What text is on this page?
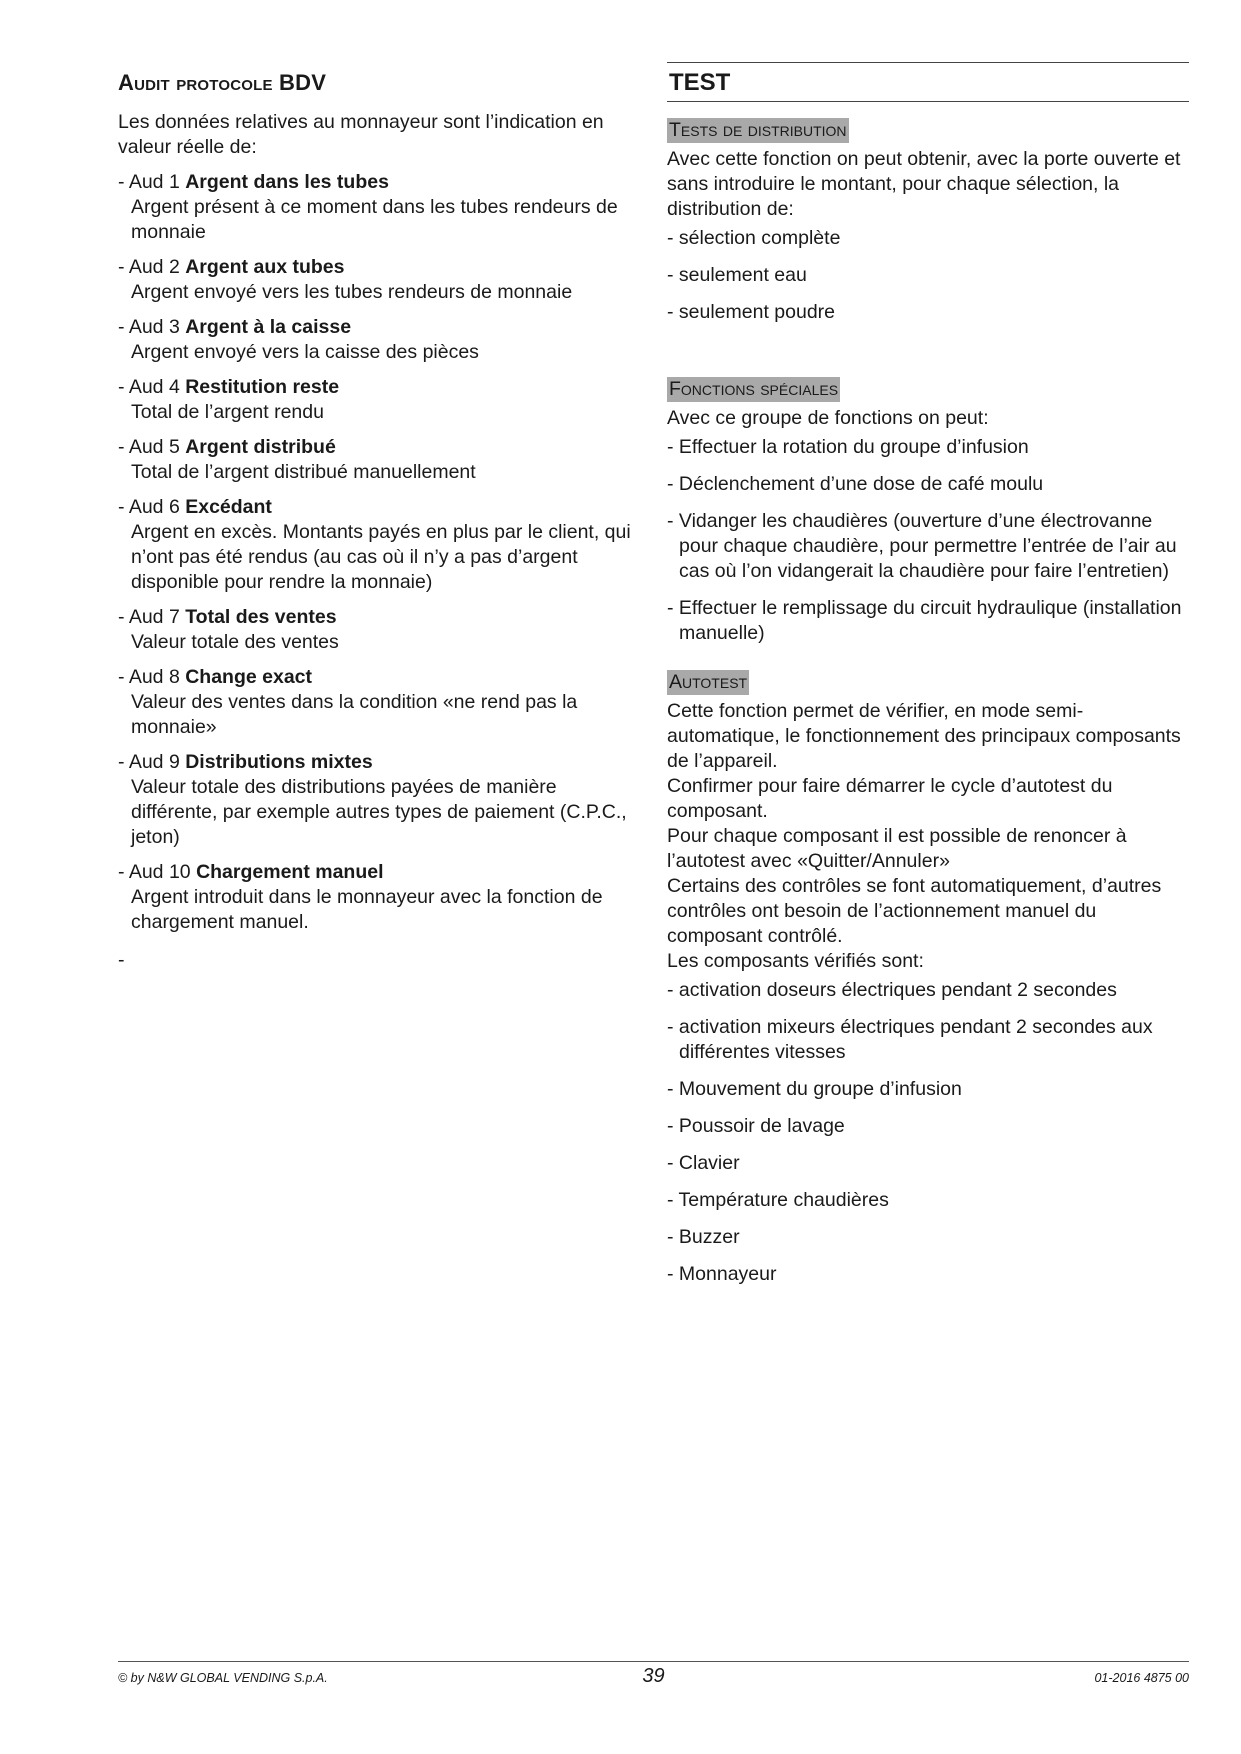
Audit protocole BDV

Les données relatives au monnayeur sont l’indication en valeur réelle de:

- Aud 1 Argent dans les tubes

Argent présent à ce moment dans les tubes rendeurs de monnaie

- Aud 2 Argent aux tubes

Argent envoyé vers les tubes rendeurs de monnaie

- Aud 3 Argent à la caisse

Argent envoyé vers la caisse des pièces

- Aud 4 Restitution reste

Total de l’argent rendu

- Aud 5 Argent distribué

Total de l’argent distribué manuellement

- Aud 6 Excédant

Argent en excès. Montants payés en plus par le client, qui n’ont pas été rendus (au cas où il n’y a pas d’argent disponible pour rendre la monnaie)

- Aud 7 Total des ventes

Valeur totale des ventes

- Aud 8 Change exact

Valeur des ventes dans la condition «ne rend pas la monnaie»

- Aud 9 Distributions mixtes

Valeur totale des distributions payées de manière différente, par exemple autres types de paiement (C.P.C., jeton)

- Aud 10 Chargement manuel

Argent introduit dans le monnayeur avec la fonction de chargement manuel.

-
TEST
Tests de distribution

Avec cette fonction on peut obtenir, avec la porte ouverte et sans introduire le montant, pour chaque sélection, la distribution de:

- sélection complète
- seulement eau
- seulement poudre
Fonctions spéciales

Avec ce groupe de fonctions on peut:

- Effectuer la rotation du groupe d’infusion
- Déclenchement d’une dose de café moulu
- Vidanger les chaudières (ouverture d’une électrovanne pour chaque chaudière, pour permettre l’entrée de l’air au cas où l’on vidangerait la chaudière pour faire l’entretien)
- Effectuer le remplissage du circuit hydraulique (installation manuelle)
Autotest

Cette fonction permet de vérifier, en mode semi-automatique, le fonctionnement des principaux composants de l’appareil.

Confirmer pour faire démarrer le cycle d’autotest du composant.

Pour chaque composant il est possible de renoncer à l’autotest avec «Quitter/Annuler»

Certains des contrôles se font automatiquement, d’autres contrôles ont besoin de l’actionnement manuel du composant contrôlé.

Les composants vérifiés sont:

- activation doseurs électriques pendant 2 secondes
- activation mixeurs électriques pendant 2 secondes aux différentes vitesses
- Mouvement du groupe d’infusion
- Poussoir de lavage
- Clavier
- Température chaudières
- Buzzer
- Monnayeur
© by N&W GLOBAL VENDING S.p.A.	39	01-2016 4875 00
